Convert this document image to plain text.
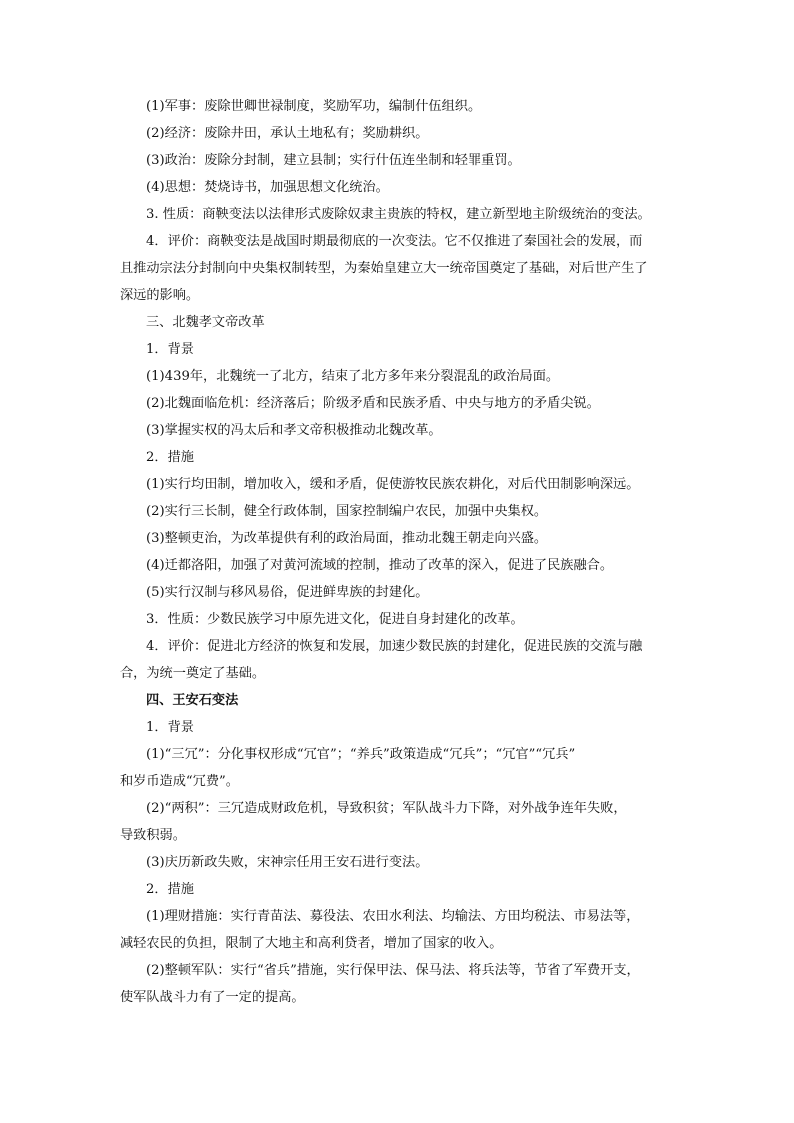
(1)军事：废除世卿世禄制度，奖励军功，编制什伍组织。
(2)经济：废除井田，承认土地私有；奖励耕织。
(3)政治：废除分封制，建立县制；实行什伍连坐制和轻罪重罚。
(4)思想：焚烧诗书，加强思想文化统治。
3. 性质：商鞅变法以法律形式废除奴隶主贵族的特权，建立新型地主阶级统治的变法。
4．评价：商鞅变法是战国时期最彻底的一次变法。它不仅推进了秦国社会的发展，而
且推动宗法分封制向中央集权制转型，为秦始皇建立大一统帝国奠定了基础，对后世产生了
深远的影响。
三、北魏孝文帝改革
1．背景
(1)439年，北魏统一了北方，结束了北方多年来分裂混乱的政治局面。
(2)北魏面临危机：经济落后；阶级矛盾和民族矛盾、中央与地方的矛盾尖锐。
(3)掌握实权的冯太后和孝文帝积极推动北魏改革。
2．措施
(1)实行均田制，增加收入，缓和矛盾，促使游牧民族农耕化，对后代田制影响深远。
(2)实行三长制，健全行政体制，国家控制编户农民，加强中央集权。
(3)整顿吏治，为改革提供有利的政治局面，推动北魏王朝走向兴盛。
(4)迁都洛阳，加强了对黄河流域的控制，推动了改革的深入，促进了民族融合。
(5)实行汉制与移风易俗，促进鲜卑族的封建化。
3．性质：少数民族学习中原先进文化，促进自身封建化的改革。
4．评价：促进北方经济的恢复和发展，加速少数民族的封建化，促进民族的交流与融
合，为统一奠定了基础。
四、王安石变法
1．背景
(1)“三冗”：分化事权形成“冗官”；“养兵”政策造成“冗兵”；“冗官”“冗兵”
和岁币造成“冗费”。
(2)“两积”：三冗造成财政危机，导致积贫；军队战斗力下降，对外战争连年失败，
导致积弱。
(3)庆历新政失败，宋神宗任用王安石进行变法。
2．措施
(1)理财措施：实行青苗法、募役法、农田水利法、均输法、方田均税法、市易法等，
减轻农民的负担，限制了大地主和高利贷者，增加了国家的收入。
(2)整顿军队：实行“省兵”措施，实行保甲法、保马法、将兵法等，节省了军费开支，
使军队战斗力有了一定的提高。
